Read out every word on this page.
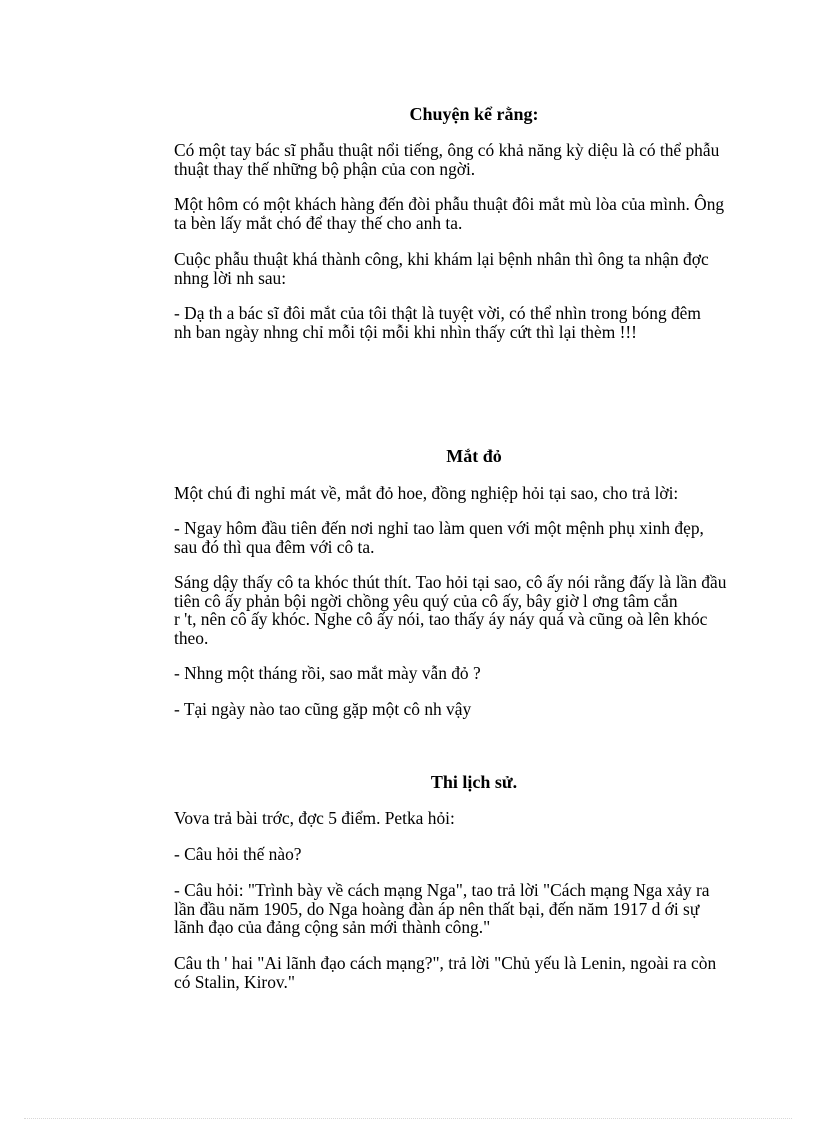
Chuyện kể rằng:

Có một tay bác sĩ phẫu thuật nổi tiếng, ông có khả năng kỳ diệu là có thể phẫu
thuật thay thế những bộ phận của con ngời.

Một hôm có một khách hàng đến đòi phẫu thuật đôi mắt mù lòa của mình. Ông
ta bèn lấy mắt chó để thay thế cho anh ta.

Cuộc phẫu thuật khá thành công, khi khám lại bệnh nhân thì ông ta nhận đợc
nhng lời nh sau:

- Dạ th a bác sĩ đôi mắt của tôi thật là tuyệt vời, có thể nhìn trong bóng đêm
nh ban ngày nhng chỉ mỗi tội mỗi khi nhìn thấy cứt thì lại thèm !!!

Mắt đỏ

Một chú đi nghỉ mát về, mắt đỏ hoe, đồng nghiệp hỏi tại sao, cho trả lời:

- Ngay hôm đầu tiên đến nơi nghỉ tao làm quen với một mệnh phụ xinh đẹp,
sau đó thì qua đêm với cô ta.

Sáng dậy thấy cô ta khóc thút thít. Tao hỏi tại sao, cô ấy nói rằng đấy là lần đầu
tiên cô ấy phản bội ngời chồng yêu quý của cô ấy, bây giờ l ơng tâm cắn
r 't, nên cô ấy khóc. Nghe cô ấy nói, tao thấy áy náy quá và cũng oà lên khóc
theo.

- Nhng một tháng rồi, sao mắt mày vẫn đỏ ?

- Tại ngày nào tao cũng gặp một cô nh vậy

Thi lịch sử.

Vova trả bài trớc, đợc 5 điểm. Petka hỏi:

- Câu hỏi thế nào?

- Câu hỏi: "Trình bày về cách mạng Nga", tao trả lời "Cách mạng Nga xảy ra
lần đầu năm 1905, do Nga hoàng đàn áp nên thất bại, đến năm 1917 d ới sự
lãnh đạo của đảng cộng sản mới thành công."

Câu th ' hai "Ai lãnh đạo cách mạng?", trả lời "Chủ yếu là Lenin, ngoài ra còn
có Stalin, Kirov."
